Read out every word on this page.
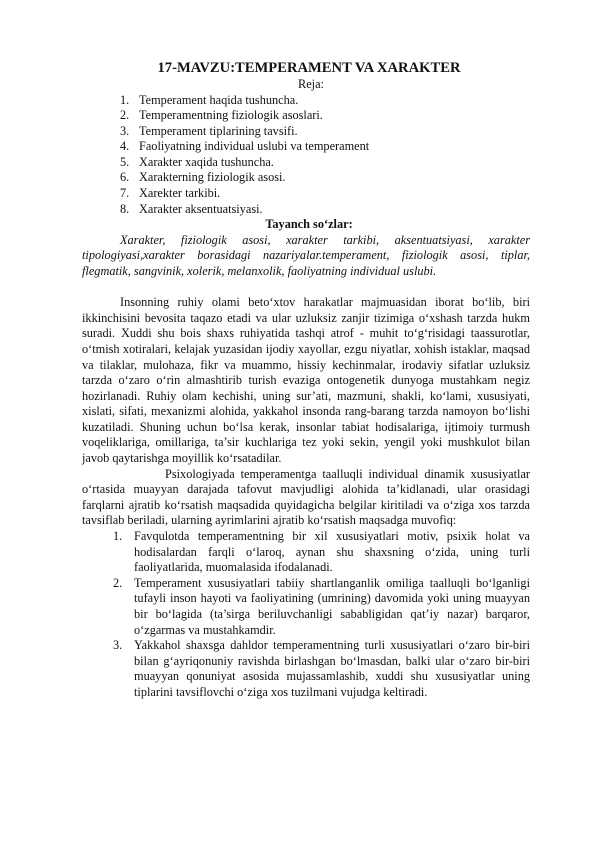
17-MAVZU:TEMPERAMENT VA XARAKTER

Reja:

1. Temperament haqida tushuncha.
2. Temperamentning fiziologik asoslari.
3. Temperament tiplarining tavsifi.
4. Faoliyatning individual uslubi va temperament
5. Xarakter xaqida tushuncha.
6. Xarakterning fiziologik asosi.
7. Xarekter tarkibi.
8. Xarakter aksentuatsiyasi.

Tayanch so‘zlar:

Xarakter, fiziologik asosi, xarakter tarkibi, aksentuatsiyasi, xarakter tipologiyasi,xarakter borasidagi nazariyalar.temperament, fiziologik asosi, tiplar, flegmatik, sangvinik, xolerik, melanxolik, faoliyatning individual uslubi.

Insonning ruhiy olami beto‘xtov harakatlar majmuasidan iborat bo‘lib, biri ikkinchisini bevosita taqazo etadi va ular uzluksiz zanjir tizimiga o‘xshash tarzda hukm suradi. Xuddi shu bois shaxs ruhiyatida tashqi atrof - muhit to‘g‘risidagi taassurotlar, o‘tmish xotiralari, kelajak yuzasidan ijodiy xayollar, ezgu niyatlar, xohish istaklar, maqsad va tilaklar, mulohaza, fikr va muammo, hissiy kechinmalar, irodaviy sifatlar uzluksiz tarzda o‘zaro o‘rin almashtirib turish evaziga ontogenetik dunyoga mustahkam negiz hozirlanadi. Ruhiy olam kechishi, uning sur’ati, mazmuni, shakli, ko‘lami, xususiyati, xislati, sifati, mexanizmi alohida, yakkahol insonda rang-barang tarzda namoyon bo‘lishi kuzatiladi. Shuning uchun bo‘lsa kerak, insonlar tabiat hodisalariga, ijtimoiy turmush voqeliklariga, omillariga, ta’sir kuchlariga tez yoki sekin, yengil yoki mushkulot bilan javob qaytarishga moyillik ko‘rsatadilar.

Psixologiyada temperamentga taalluqli individual dinamik xususiyatlar o‘rtasida muayyan darajada tafovut mavjudligi alohida ta’kidlanadi, ular orasidagi farqlarni ajratib ko‘rsatish maqsadida quyidagicha belgilar kiritiladi va o‘ziga xos tarzda tavsiflab beriladi, ularning ayrimlarini ajratib ko‘rsatish maqsadga muvofiq:

1. Favqulotda temperamentning bir xil xususiyatlari motiv, psixik holat va hodisalardan farqli o‘laroq, aynan shu shaxsning o‘zida, uning turli faoliyatlarida, muomalasida ifodalanadi.
2. Temperament xususiyatlari tabiiy shartlanganlik omiliga taalluqli bo‘lganligi tufayli inson hayoti va faoliyatining (umrining) davomida yoki uning muayyan bir bo‘lagida (ta’sirga beriluvchanligi sababligidan qat’iy nazar) barqaror, o‘zgarmas va mustahkamdir.
3. Yakkahol shaxsga dahldor temperamentning turli xususiyatlari o‘zaro bir-biri bilan g‘ayriqonuniy ravishda birlashgan bo‘lmasdan, balki ular o‘zaro bir-biri muayyan qonuniyat asosida mujassamlashib, xuddi shu xususiyatlar uning tiplarini tavsiflovchi o‘ziga xos tuzilmani vujudga keltiradi.
